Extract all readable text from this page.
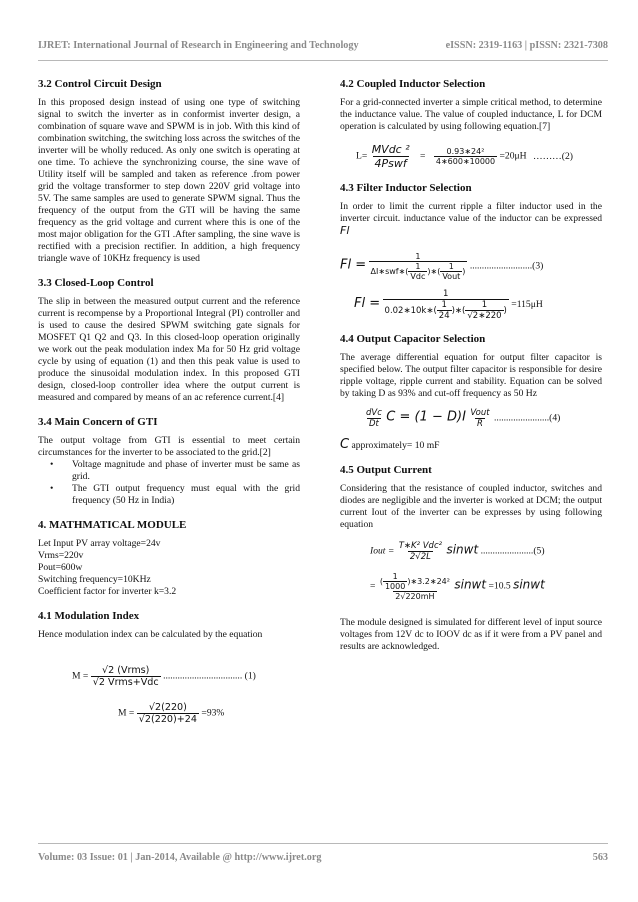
IJRET: International Journal of Research in Engineering and Technology	eISSN: 2319-1163 | pISSN: 2321-7308
3.2 Control Circuit Design

In this proposed design instead of using one type of switching signal to switch the inverter as in conformist inverter design, a combination of square wave and SPWM is in job. With this kind of combination switching, the switching loss across the switches of the inverter will be wholly reduced. As only one switch is operating at one time. To achieve the synchronizing course, the sine wave of Utility itself will be sampled and taken as reference .from power grid the voltage transformer to step down 220V grid voltage into 5V. The same samples are used to generate SPWM signal. Thus the frequency of the output from the GTI will be having the same frequency as the grid voltage and current where this is one of the most major obligation for the GTI .After sampling, the sine wave is rectified with a precision rectifier. In addition, a high frequency triangle wave of 10KHz frequency is used

3.3 Closed-Loop Control

The slip in between the measured output current and the reference current is recompense by a Proportional Integral (PI) controller and is used to cause the desired SPWM switching gate signals for MOSFET Q1 Q2 and Q3. In this closed-loop operation originally we work out the peak modulation index Ma for 50 Hz grid voltage cycle by using of equation (1) and then this peak value is used to produce the sinusoidal modulation index. In this proposed GTI design, closed-loop controller idea where the output current is measured and compared by means of an ac reference current.[4]

3.4 Main Concern of GTI

The output voltage from GTI is essential to meet certain circumstances for the inverter to be associated to the grid.[2]

• Voltage magnitude and phase of inverter must be same as grid.
• The GTI output frequency must equal with the grid frequency (50 Hz in India)
4. MATHMATICAL MODULE
Let Input PV array voltage=24v
Vrms=220v
Pout=600w
Switching frequency=10KHz
Coefficient factor for inverter k=3.2
4.1 Modulation Index

Hence modulation index can be calculated by the equation

$M = \frac{\text{√2 (Vrms)}}{\text{√2 Vrms+Vdc}}$ ................................. (1)
$M = \frac{√2(220)}{√2(220)+24} =93\%$
4.2 Coupled Inductor Selection

For a grid-connected inverter a simple critical method, to determine the inductance value. The value of coupled inductance, L for DCM operation is calculated by using following equation.[7]

$L= \frac{\text{MVdc ²}}{\text{4Pswf}} = \frac{\text{0.93∗24²}}{4∗600∗10000} =20\mu H$ ………(2)
4.3 Filter Inductor Selection

In order to limit the current ripple a filter inductor used in the inverter circuit. inductance value of the inductor can be expressed Fl

$Fl = \frac{1}{\Delta I∗swf∗( \frac{1}{\text{Vdc}} )∗( \frac{1}{\text{Vout}} )} ..........................(3)$
$Fl = \frac{1}{0.02∗10k∗( \frac{1}{24} )∗( \frac{1}{√2∗220} )} =115\mu H$
4.4 Output Capacitor Selection

The average differential equation for output filter capacitor is specified below. The output filter capacitor is responsible for desire ripple voltage, ripple current and stability. Equation can be solved by taking D as 93% and cut-off frequency as 50 Hz

$\frac{\text{dVc}}{Dt}$ $C = (1 - D)I \frac{\text{Vout}}{R} .......................(4)$
C approximately= 10 mF
4.5 Output Current

Considering that the resistance of coupled inductor, switches and diodes are negligible and the inverter is worked at DCM; the output current Iout of the inverter can be expresses by using following equation

Iout = $\frac{\text{T∗K² Vdc²}}{2√2L}$ sinwt ......................(5)
= $\frac{( \frac{1}{1000} )∗3.2∗24^2}{2√220mH}$ sinwt =10.5 sinwt

The module designed is simulated for different level of input source voltages from 12V dc to IOOV dc as if it were from a PV panel and results are acknowledged.

Volume: 03 Issue: 01 | Jan-2014, Available @ http://www.ijret.org	563
